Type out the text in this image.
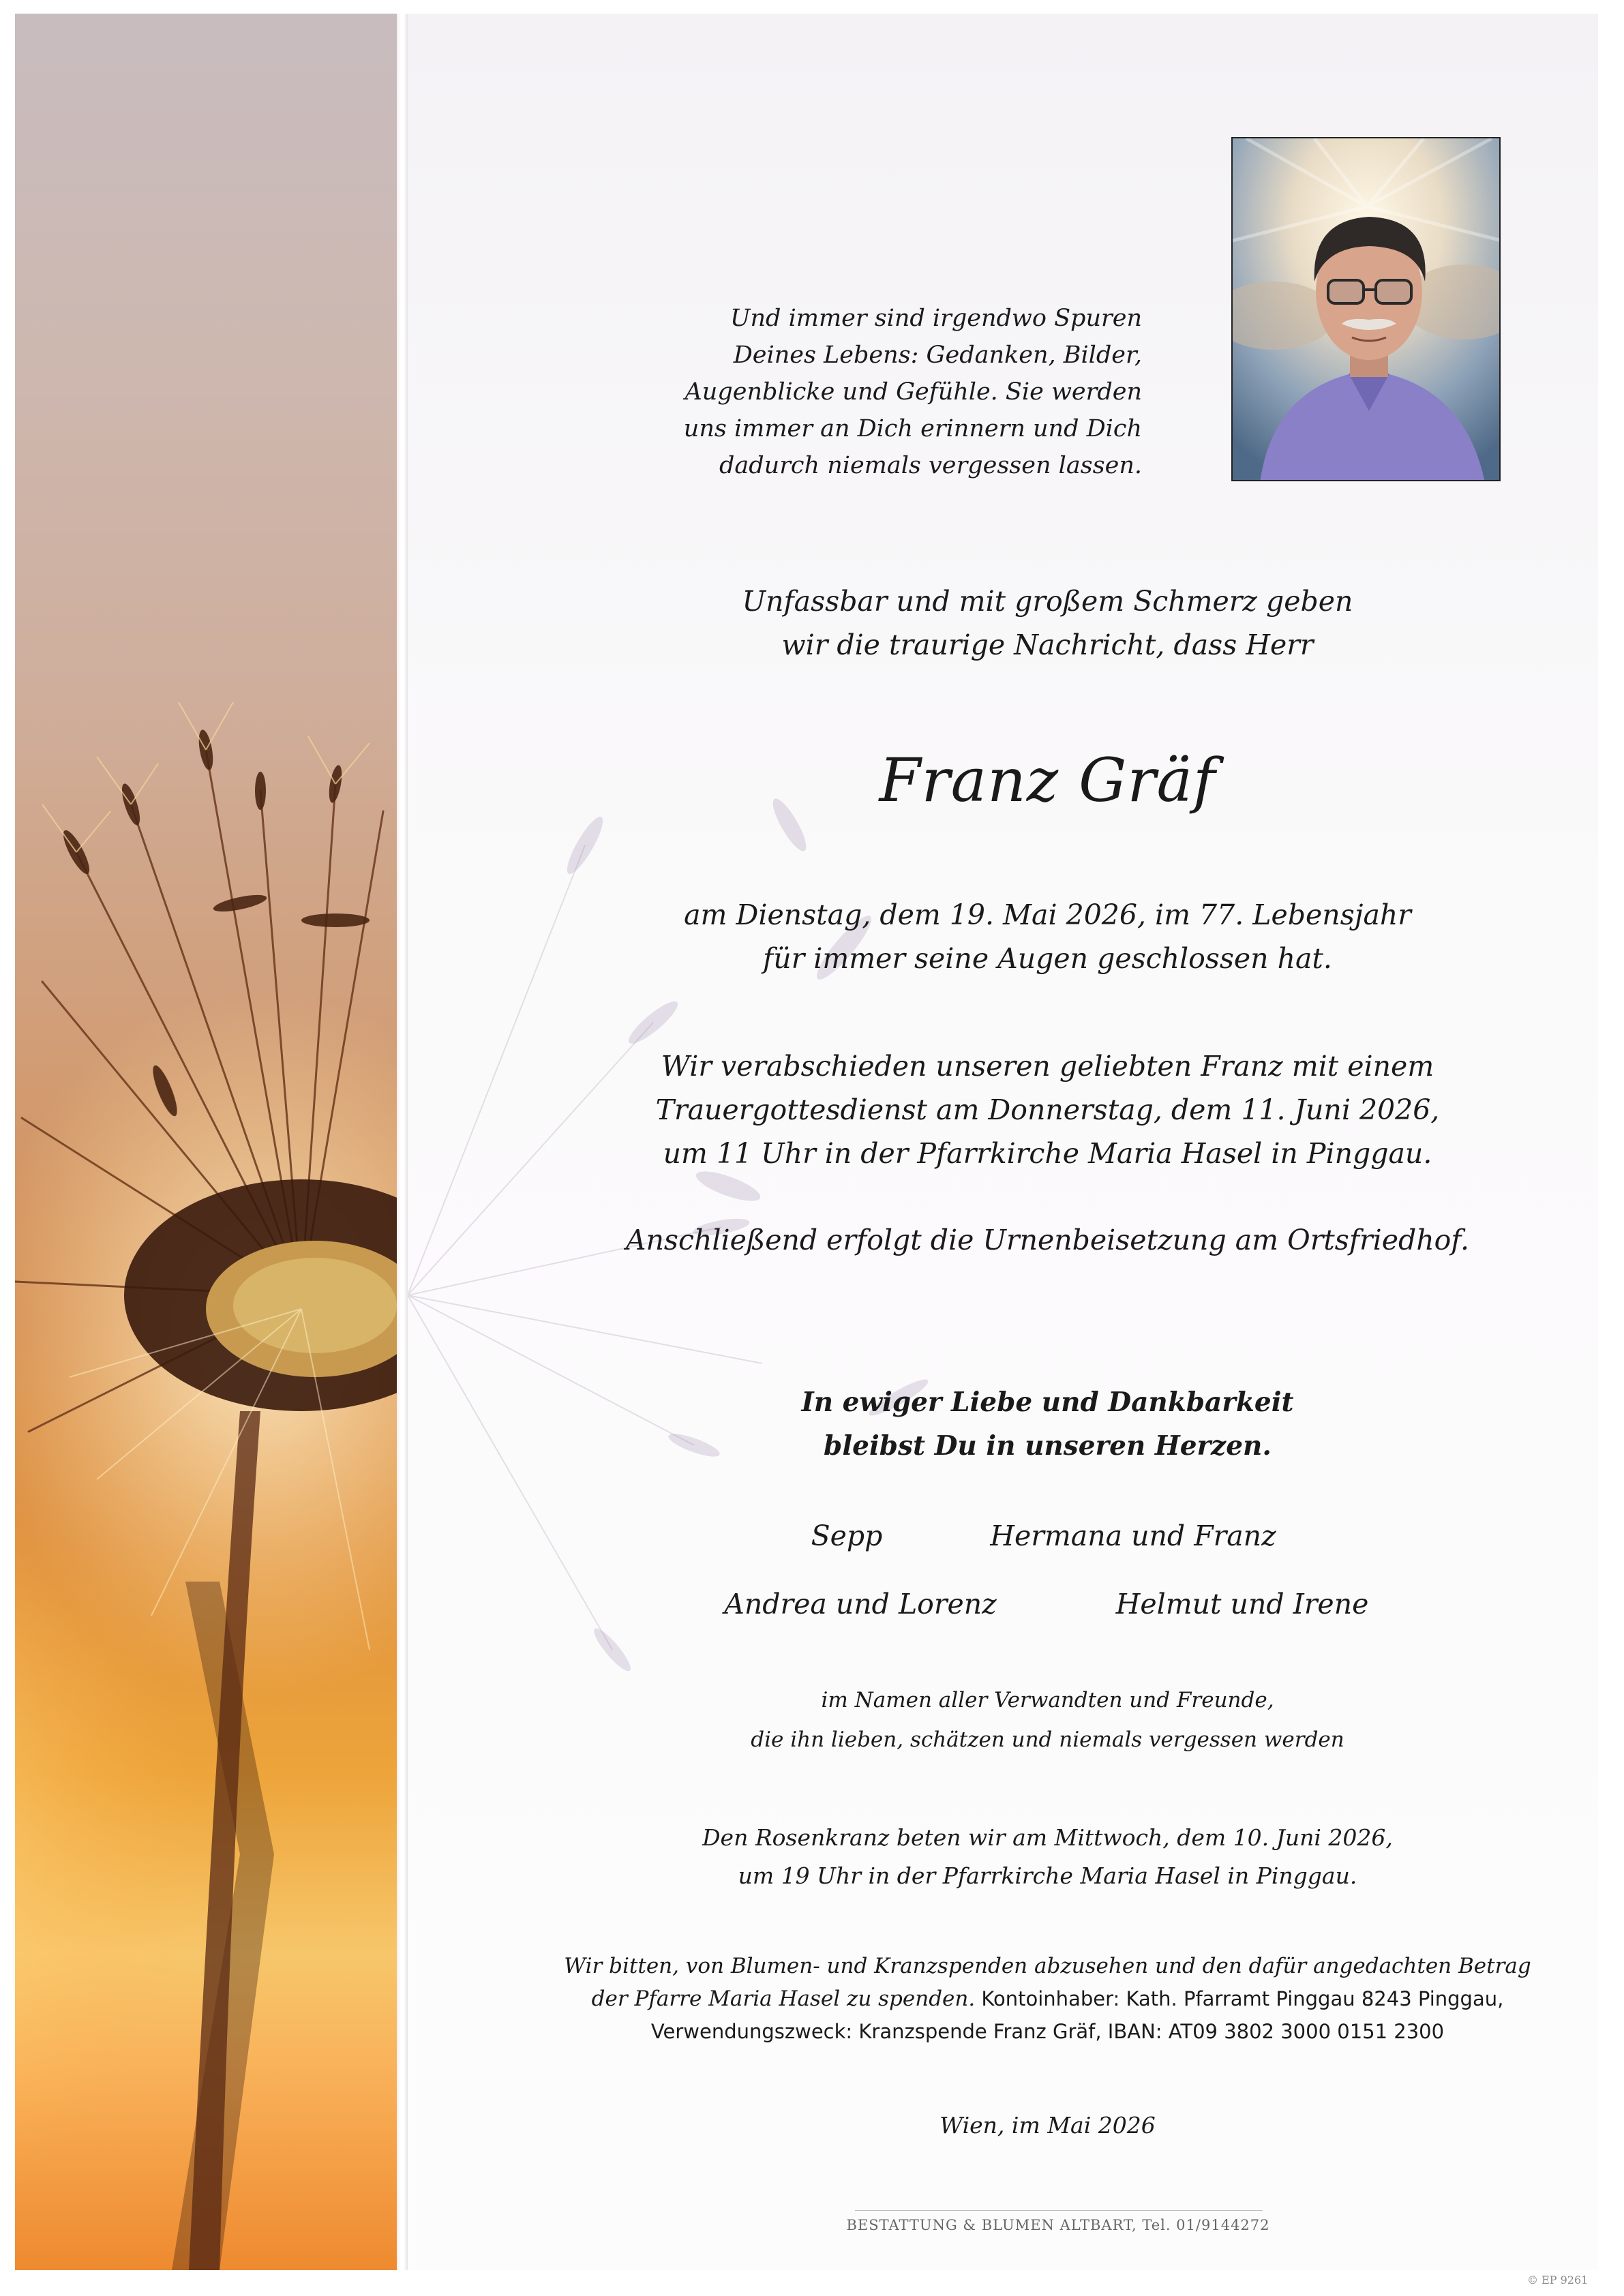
Und immer sind irgendwo Spuren
Deines Lebens: Gedanken, Bilder,
Augenblicke und Gefühle. Sie werden
uns immer an Dich erinnern und Dich
dadurch niemals vergessen lassen.
Unfassbar und mit großem Schmerz geben
wir die traurige Nachricht, dass Herr
Franz Gräf
am Dienstag, dem 19. Mai 2026, im 77. Lebensjahr
für immer seine Augen geschlossen hat.
Wir verabschieden unseren geliebten Franz mit einem
Trauergottesdienst am Donnerstag, dem 11. Juni 2026,
um 11 Uhr in der Pfarrkirche Maria Hasel in Pinggau.
Anschließend erfolgt die Urnenbeisetzung am Ortsfriedhof.
In ewiger Liebe und Dankbarkeit
bleibst Du in unseren Herzen.
Sepp	Hermana und Franz
Andrea und Lorenz	Helmut und Irene
im Namen aller Verwandten und Freunde,
die ihn lieben, schätzen und niemals vergessen werden
Den Rosenkranz beten wir am Mittwoch, dem 10. Juni 2026,
um 19 Uhr in der Pfarrkirche Maria Hasel in Pinggau.
Wir bitten, von Blumen- und Kranzspenden abzusehen und den dafür angedachten Betrag
der Pfarre Maria Hasel zu spenden. Kontoinhaber: Kath. Pfarramt Pinggau 8243 Pinggau,
Verwendungszweck: Kranzspende Franz Gräf, IBAN: AT09 3802 3000 0151 2300
Wien, im Mai 2026
BESTATTUNG & BLUMEN ALTBART, Tel. 01/9144272
© EP 9261
